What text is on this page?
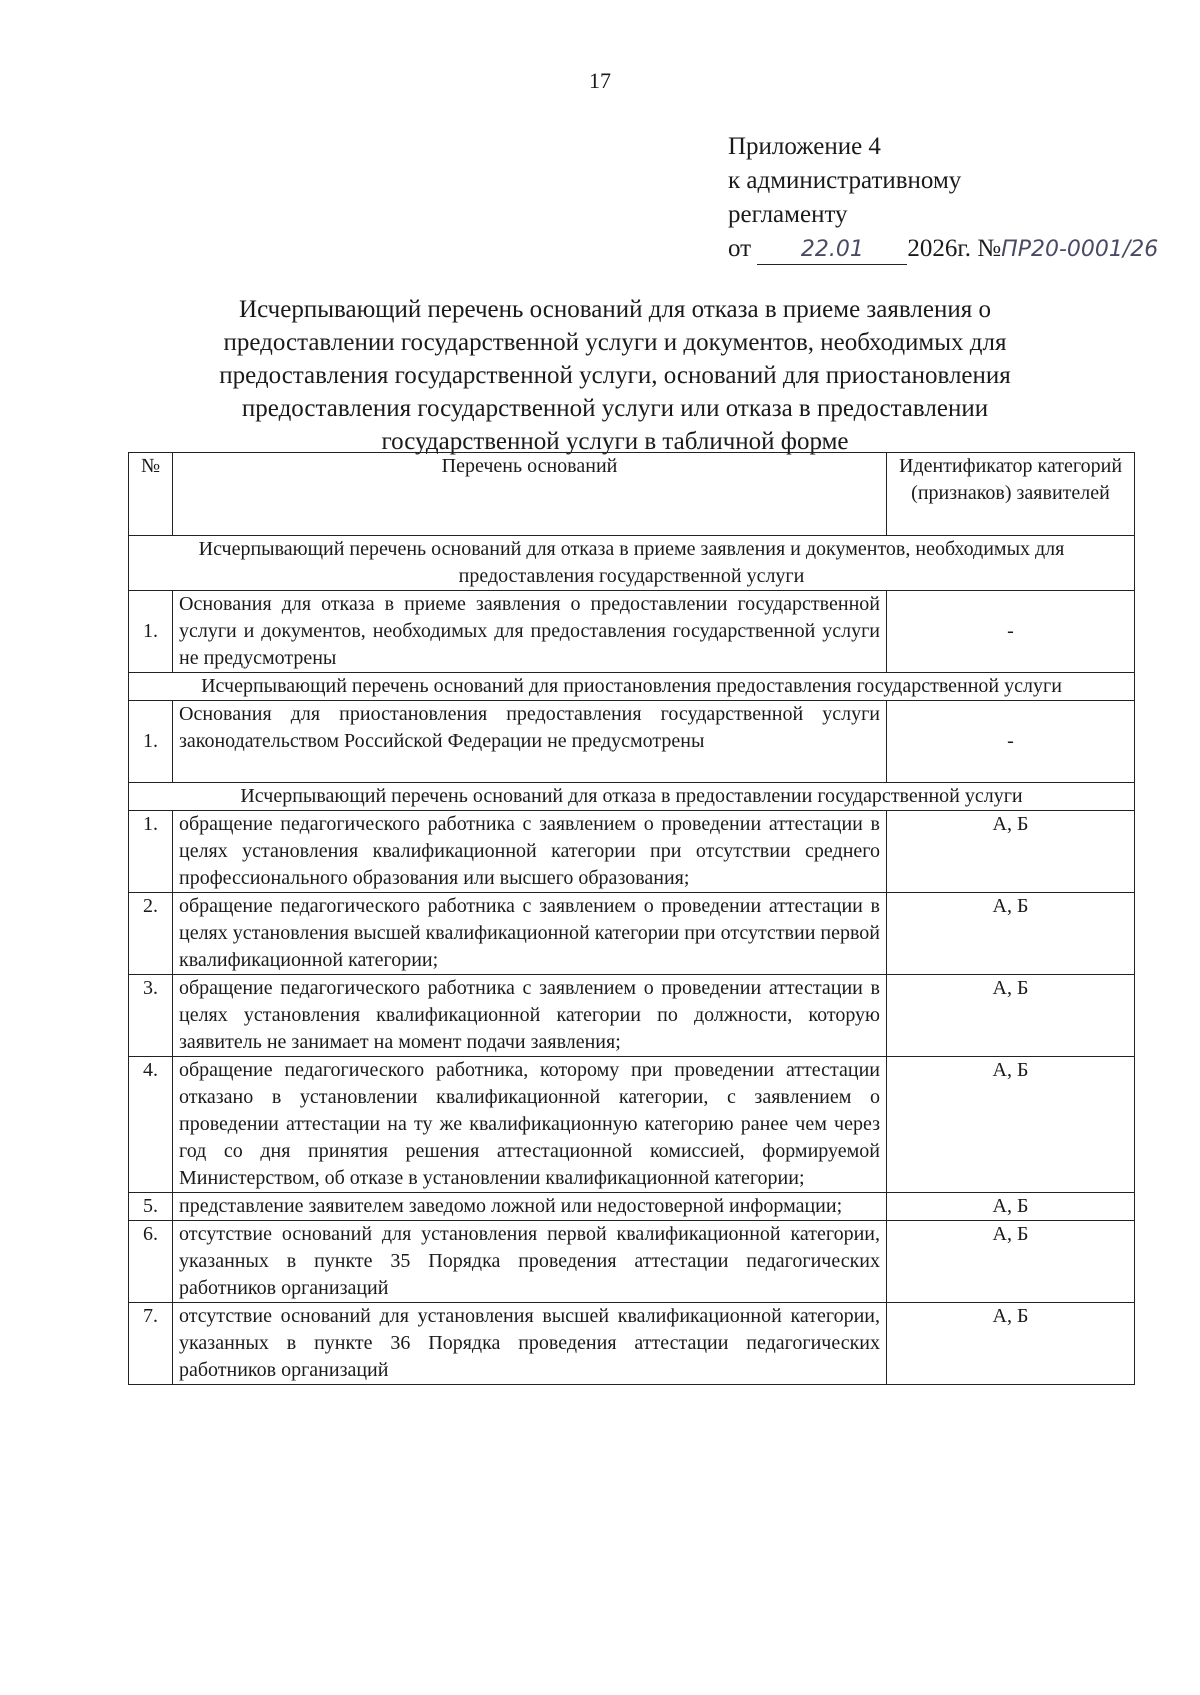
17
Приложение 4
к административному
регламенту
от 22.01 2026г. №ПР20-0001/26
Исчерпывающий перечень оснований для отказа в приеме заявления о
предоставлении государственной услуги и документов, необходимых для
предоставления государственной услуги, оснований для приостановления
предоставления государственной услуги или отказа в предоставлении
государственной услуги в табличной форме
№	Перечень оснований	Идентификатор категорий (признаков) заявителей
Исчерпывающий перечень оснований для отказа в приеме заявления и документов, необходимых для предоставления государственной услуги		
1.	Основания для отказа в приеме заявления о предоставлении государственной услуги и документов, необходимых для предоставления государственной услуги не предусмотрены	-
Исчерпывающий перечень оснований для приостановления предоставления государственной услуги		
1.	Основания для приостановления предоставления государственной услуги законодательством Российской Федерации не предусмотрены	-
Исчерпывающий перечень оснований для отказа в предоставлении государственной услуги		
1.	обращение педагогического работника с заявлением о проведении аттестации в целях установления квалификационной категории при отсутствии среднего профессионального образования или высшего образования;	А, Б
2.	обращение педагогического работника с заявлением о проведении аттестации в целях установления высшей квалификационной категории при отсутствии первой квалификационной категории;	А, Б
3.	обращение педагогического работника с заявлением о проведении аттестации в целях установления квалификационной категории по должности, которую заявитель не занимает на момент подачи заявления;	А, Б
4.	обращение педагогического работника, которому при проведении аттестации отказано в установлении квалификационной категории, с заявлением о проведении аттестации на ту же квалификационную категорию ранее чем через год со дня принятия решения аттестационной комиссией, формируемой Министерством, об отказе в установлении квалификационной категории;	А, Б
5.	представление заявителем заведомо ложной или недостоверной информации;	А, Б
6.	отсутствие оснований для установления первой квалификационной категории, указанных в пункте 35 Порядка проведения аттестации педагогических работников организаций	А, Б
7.	отсутствие оснований для установления высшей квалификационной категории, указанных в пункте 36 Порядка проведения аттестации педагогических работников организаций	А, Б
